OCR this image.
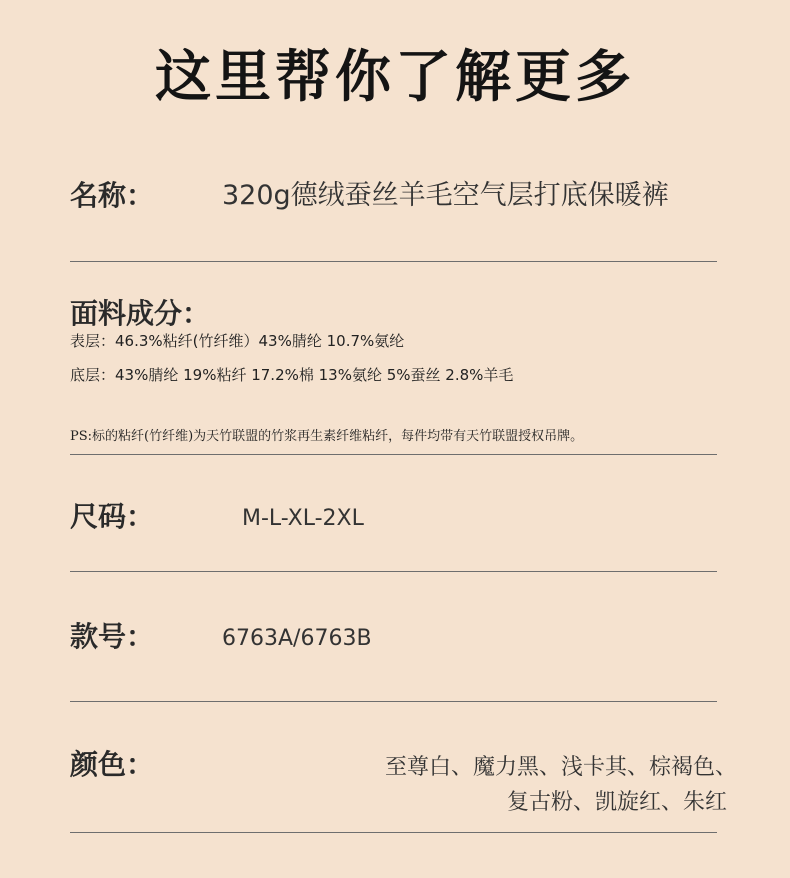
这里帮你了解更多
名称：	320g德绒蚕丝羊毛空气层打底保暖裤
面料成分：
表层：46.3%粘纤(竹纤维）43%腈纶 10.7%氨纶
底层：43%腈纶 19%粘纤 17.2%棉 13%氨纶 5%蚕丝 2.8%羊毛
PS:标的粘纤(竹纤维)为天竹联盟的竹浆再生素纤维粘纤，每件均带有天竹联盟授权吊牌。
尺码：	M-L-XL-2XL
款号：	6763A/6763B
颜色：	至尊白、魔力黑、浅卡其、棕褐色、
复古粉、凯旋红、朱红
